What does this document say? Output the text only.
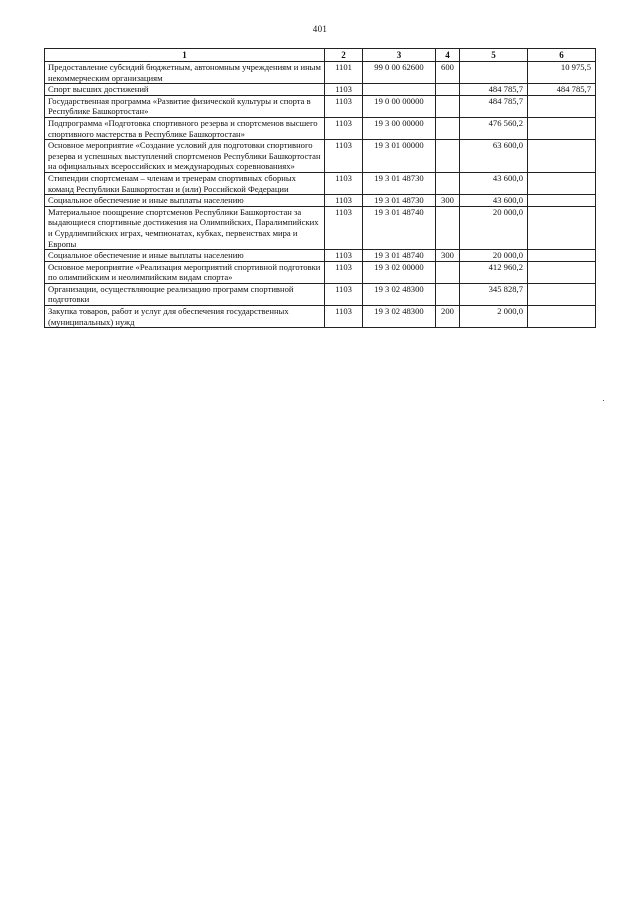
401
1	2	3	4	5	6
Предоставление субсидий бюджетным, автономным учреждениям и иным некоммерческим организациям	1101	99 0 00 62600	600		10 975,5
Спорт высших достижений	1103			484 785,7	484 785,7
Государственная программа «Развитие физической культуры и спорта в Республике Башкортостан»	1103	19 0 00 00000		484 785,7	
Подпрограмма «Подготовка спортивного резерва и спортсменов высшего спортивного мастерства в Республике Башкортостан»	1103	19 3 00 00000		476 560,2	
Основное мероприятие «Создание условий для подготовки спортивного резерва и успешных выступлений спортсменов Республики Башкортостан на официальных всероссийских и международных соревнованиях»	1103	19 3 01 00000		63 600,0	
Стипендии спортсменам – членам и тренерам спортивных сборных команд Республики Башкортостан и (или) Российской Федерации	1103	19 3 01 48730		43 600,0	
Социальное обеспечение и иные выплаты населению	1103	19 3 01 48730	300	43 600,0	
Материальное поощрение спортсменов Республики Башкортостан за выдающиеся спортивные достижения на Олимпийских, Паралимпийских и Сурдлимпийских играх, чемпионатах, кубках, первенствах мира и Европы	1103	19 3 01 48740		20 000,0	
Социальное обеспечение и иные выплаты населению	1103	19 3 01 48740	300	20 000,0	
Основное мероприятие «Реализация мероприятий спортивной подготовки по олимпийским и неолимпийским видам спорта»	1103	19 3 02 00000		412 960,2	
Организации, осуществляющие реализацию программ спортивной подготовки	1103	19 3 02 48300		345 828,7	
Закупка товаров, работ и услуг для обеспечения государственных (муниципальных) нужд	1103	19 3 02 48300	200	2 000,0	
